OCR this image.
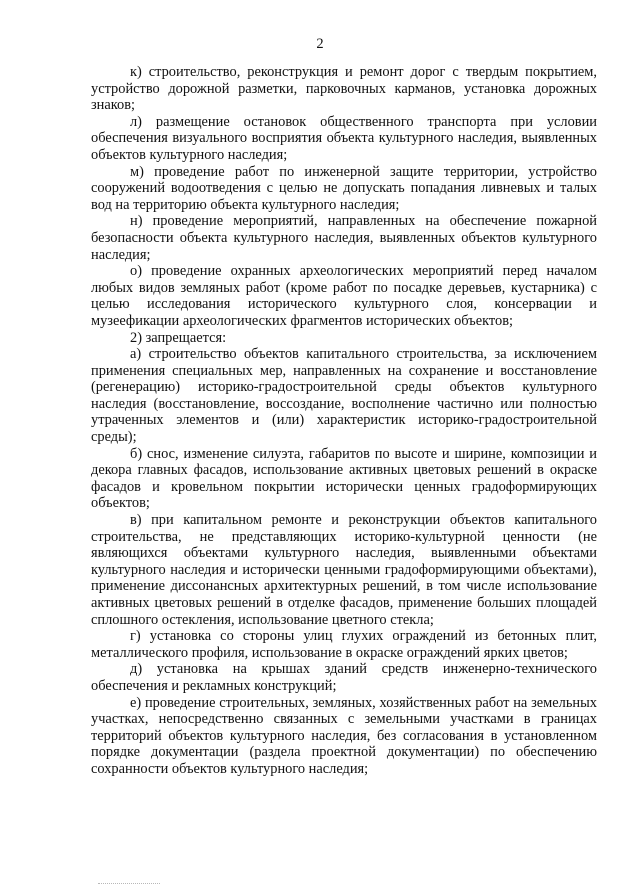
2

к) строительство, реконструкция и ремонт дорог с твердым покрытием, устройство дорожной разметки, парковочных карманов, установка дорожных знаков;

л) размещение остановок общественного транспорта при условии обеспечения визуального восприятия объекта культурного наследия, выявленных объектов культурного наследия;

м) проведение работ по инженерной защите территории, устройство сооружений водоотведения с целью не допускать попадания ливневых и талых вод на территорию объекта культурного наследия;

н) проведение мероприятий, направленных на обеспечение пожарной безопасности объекта культурного наследия, выявленных объектов культурного наследия;

о) проведение охранных археологических мероприятий перед началом любых видов земляных работ (кроме работ по посадке деревьев, кустарника) с целью исследования исторического культурного слоя, консервации и музеефикации археологических фрагментов исторических объектов;

2) запрещается:

а) строительство объектов капитального строительства, за исключением применения специальных мер, направленных на сохранение и восстановление (регенерацию) историко-градостроительной среды объектов культурного наследия (восстановление, воссоздание, восполнение частично или полностью утраченных элементов и (или) характеристик историко-градостроительной среды);

б) снос, изменение силуэта, габаритов по высоте и ширине, композиции и декора главных фасадов, использование активных цветовых решений в окраске фасадов и кровельном покрытии исторически ценных градоформирующих объектов;

в) при капитальном ремонте и реконструкции объектов капитального строительства, не представляющих историко-культурной ценности (не являющихся объектами культурного наследия, выявленными объектами культурного наследия и исторически ценными градоформирующими объектами), применение диссонансных архитектурных решений, в том числе использование активных цветовых решений в отделке фасадов, применение больших площадей сплошного остекления, использование цветного стекла;

г) установка со стороны улиц глухих ограждений из бетонных плит, металлического профиля, использование в окраске ограждений ярких цветов;

д) установка на крышах зданий средств инженерно-технического обеспечения и рекламных конструкций;

е) проведение строительных, земляных, хозяйственных работ на земельных участках, непосредственно связанных с земельными участками в границах территорий объектов культурного наследия, без согласования в установленном порядке документации (раздела проектной документации) по обеспечению сохранности объектов культурного наследия;
